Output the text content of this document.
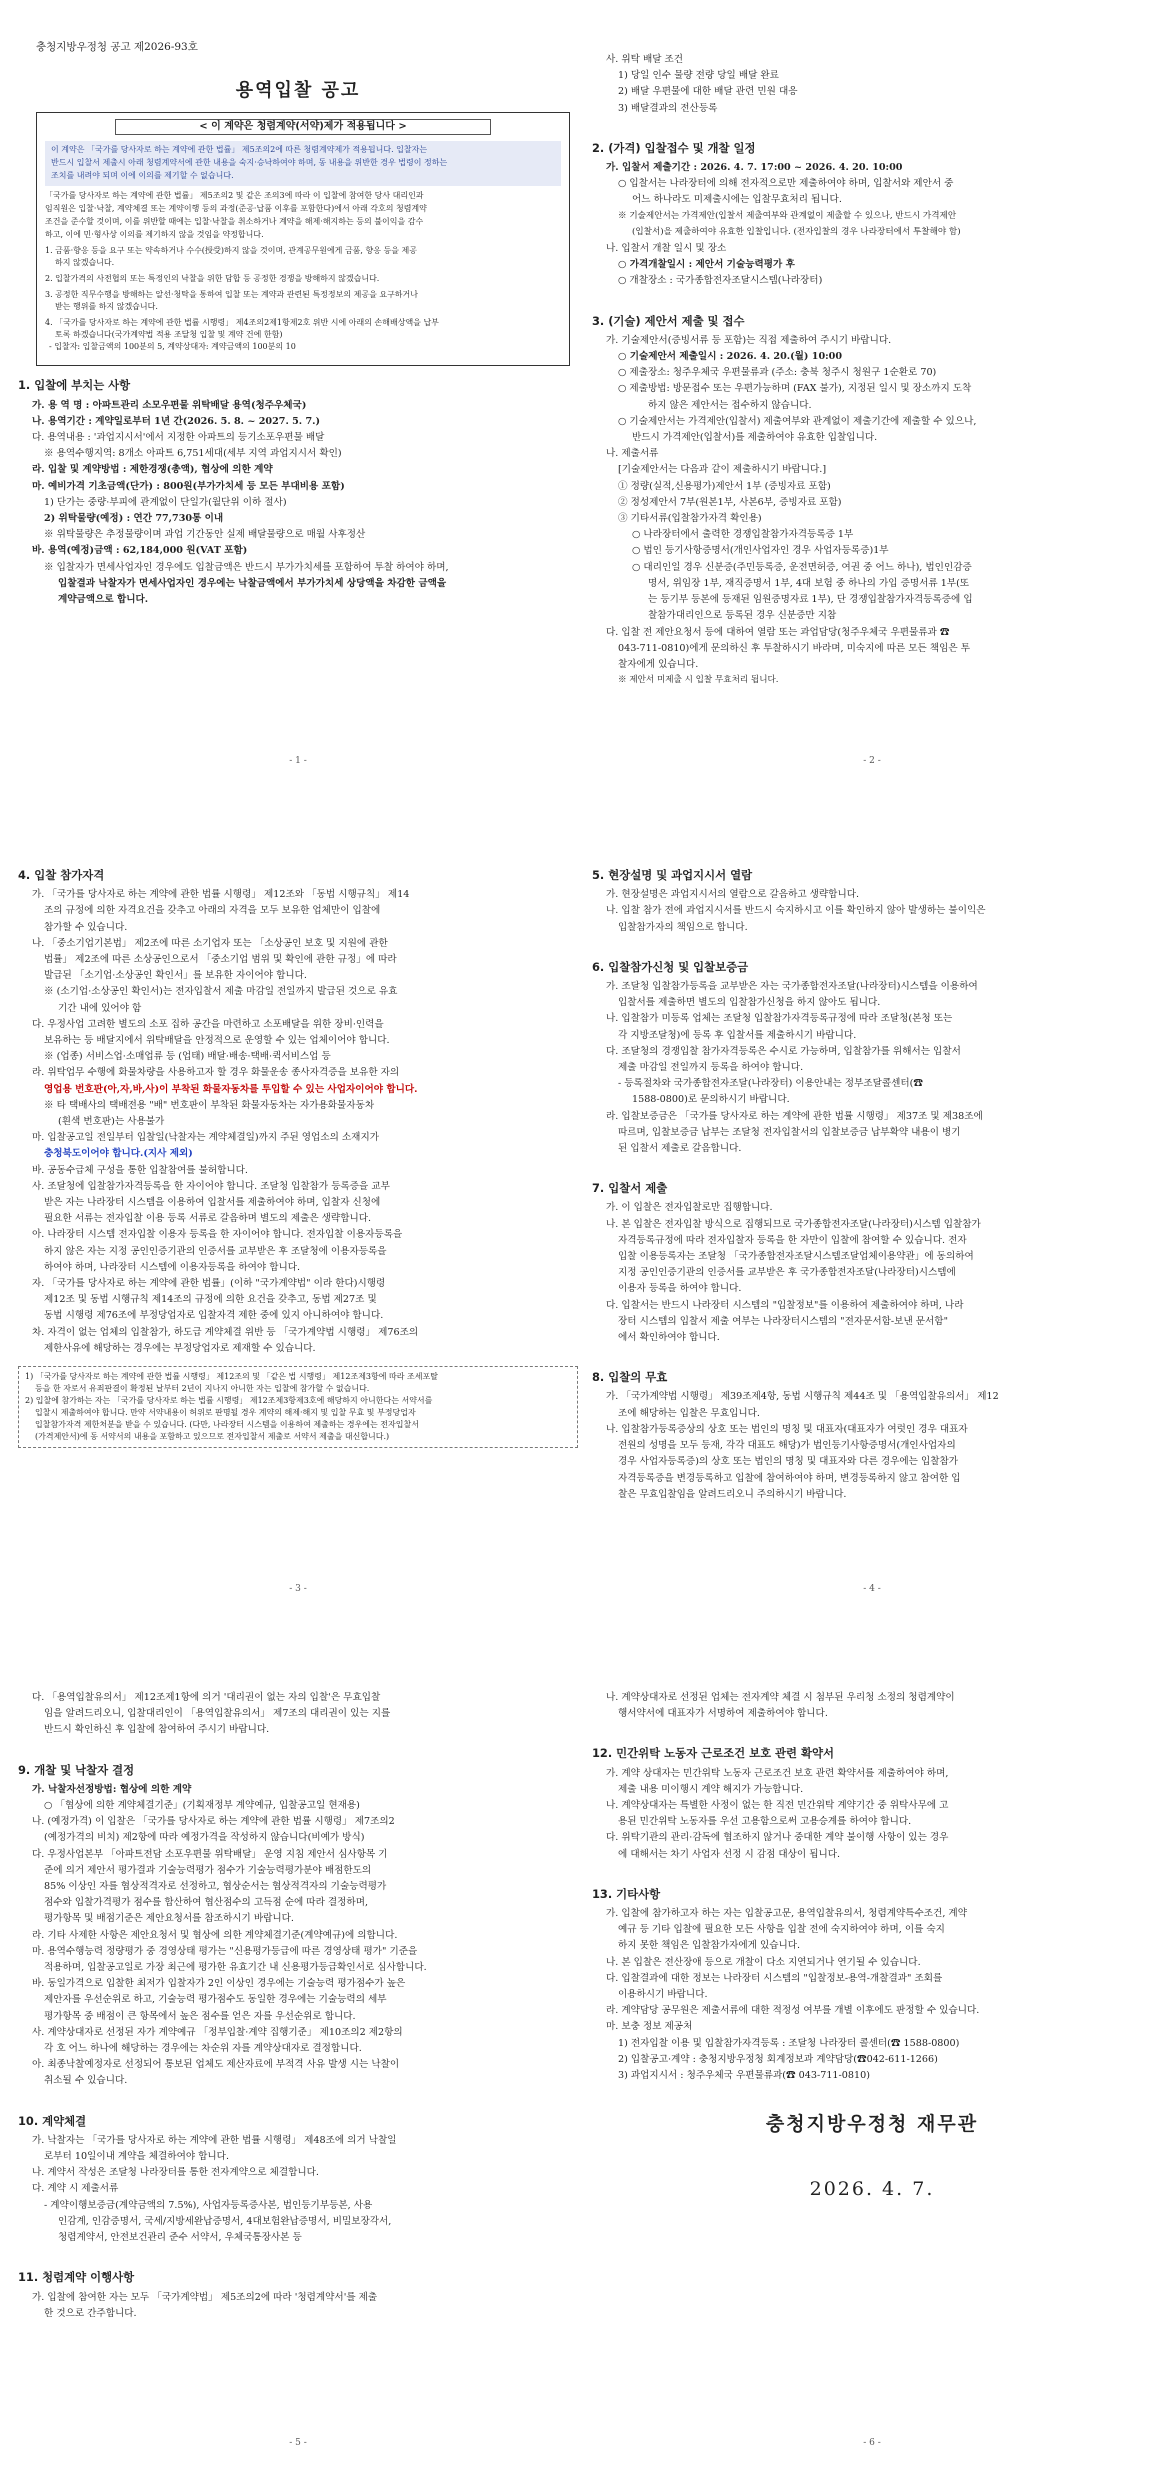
충청지방우정청 공고 제2026-93호
용역입찰 공고
< 이 계약은 청렴계약(서약)제가 적용됩니다 >
이 계약은 「국가를 당사자로 하는 계약에 관한 법률」 제5조의2에 따른 청렴계약제가 적용됩니다. 입찰자는
반드시 입찰서 제출시 아래 청렴계약서에 관한 내용을 숙지·승낙하여야 하며, 동 내용을 위반한 경우 법령이 정하는
조치를 내려야 되며 이에 이의를 제기할 수 없습니다.

「국가를 당사자로 하는 계약에 관한 법률」 제5조의2 및 같은 조의3에 따라 이 입찰에 참여한 당사 대리인과
임직원은 입찰·낙찰, 계약체결 또는 계약이행 등의 과정(준공·납품 이후를 포함한다)에서 아래 각호의 청렴계약
조건을 준수할 것이며, 이를 위반할 때에는 입찰·낙찰을 취소하거나 계약을 해제·해지하는 등의 불이익을 감수
하고, 이에 민·형사상 이의를 제기하지 않을 것임을 약정합니다.

1. 금품·향응 등을 요구 또는 약속하거나 수수(授受)하지 않을 것이며, 관계공무원에게 금품, 향응 등을 제공
하지 않겠습니다.

2. 입찰가격의 사전협의 또는 특정인의 낙찰을 위한 담합 등 공정한 경쟁을 방해하지 않겠습니다.

3. 공정한 직무수행을 방해하는 알선·청탁을 통하여 입찰 또는 계약과 관련된 특정정보의 제공을 요구하거나
받는 행위를 하지 않겠습니다.

4. 「국가를 당사자로 하는 계약에 관한 법률 시행령」 제4조의2제1항제2호 위반 시에 아래의 손해배상액을 납부
토록 하겠습니다(국가계약법 적용 조달청 입찰 및 계약 건에 한함)
- 입찰자: 입찰금액의 100분의 5, 계약상대자: 계약금액의 100분의 10

1. 입찰에 부치는 사항
가. 용 역 명 : 아파트관리 소모우편물 위탁배달 용역(청주우체국)
나. 용역기간 : 계약일로부터 1년 간(2026. 5. 8. ~ 2027. 5. 7.)
다. 용역내용 : '과업지시서'에서 지정한 아파트의 등기소포우편물 배달
※ 용역수행지역: 8개소 아파트 6,751세대(세부 지역 과업지시서 확인)
라. 입찰 및 계약방법 : 제한경쟁(총액), 협상에 의한 계약
마. 예비가격 기초금액(단가) : 800원(부가가치세 등 모든 부대비용 포함)
1) 단가는 중량·부피에 관계없이 단일가(월단위 이하 절사)
2) 위탁물량(예정) : 연간 77,730통 이내
※ 위탁물량은 추정물량이며 과업 기간동안 실제 배달물량으로 매월 사후정산
바. 용역(예정)금액 : 62,184,000 원(VAT 포함)
※ 입찰자가 면세사업자인 경우에도 입찰금액은 반드시 부가가치세를 포함하여 투찰 하여야 하며,
입찰결과 낙찰자가 면세사업자인 경우에는 낙찰금액에서 부가가치세 상당액을 차감한 금액을
계약금액으로 합니다.
- 1 -
사. 위탁 배달 조건
1) 당일 인수 물량 전량 당일 배달 완료
2) 배달 우편물에 대한 배달 관련 민원 대응
3) 배달결과의 전산등록
2. (가격) 입찰접수 및 개찰 일정
가. 입찰서 제출기간 : 2026. 4. 7. 17:00 ~ 2026. 4. 20. 10:00
○ 입찰서는 나라장터에 의해 전자적으로만 제출하여야 하며, 입찰서와 제안서 중
어느 하나라도 미제출시에는 입찰무효처리 됩니다.
※ 기술제안서는 가격제안(입찰서 제출여부와 관계없이 제출할 수 있으나, 반드시 가격제안
(입찰서)을 제출하여야 유효한 입찰입니다. (전자입찰의 경우 나라장터에서 투찰해야 함)
나. 입찰서 개찰 일시 및 장소
○ 가격개찰일시 : 제안서 기술능력평가 후
○ 개찰장소 : 국가종합전자조달시스템(나라장터)
3. (기술) 제안서 제출 및 접수
가. 기술제안서(증빙서류 등 포함)는 직접 제출하여 주시기 바랍니다.
○ 기술제안서 제출일시 : 2026. 4. 20.(월) 10:00
○ 제출장소: 청주우체국 우편물류과 (주소: 충북 청주시 청원구 1순환로 70)
○ 제출방법: 방문접수 또는 우편가능하며 (FAX 불가), 지정된 일시 및 장소까지 도착
하지 않은 제안서는 접수하지 않습니다.
○ 기술제안서는 가격제안(입찰서) 제출여부와 관계없이 제출기간에 제출할 수 있으나,
반드시 가격제안(입찰서)를 제출하여야 유효한 입찰입니다.
나. 제출서류
[기술제안서는 다음과 같이 제출하시기 바랍니다.]
① 정량(실적,신용평가)제안서 1부 (증빙자료 포함)
② 정성제안서 7부(원본1부, 사본6부, 증빙자료 포함)
③ 기타서류(입찰참가자격 확인용)
○ 나라장터에서 출력한 경쟁입찰참가자격등록증 1부
○ 법인 등기사항증명서(개인사업자인 경우 사업자등록증)1부
○ 대리인일 경우 신분증(주민등록증, 운전면허증, 여권 중 어느 하나), 법인인감증
명서, 위임장 1부, 재직증명서 1부, 4대 보험 중 하나의 가입 증명서류 1부(또
는 등기부 등본에 등재된 임원증명자료 1부), 단 경쟁입찰참가자격등록증에 입
찰참가대리인으로 등록된 경우 신분증만 지참
다. 입찰 전 제안요청서 등에 대하여 열람 또는 과업담당(청주우체국 우편물류과 ☎
043-711-0810)에게 문의하신 후 투찰하시기 바라며, 미숙지에 따른 모든 책임은 투
찰자에게 있습니다.
※ 제안서 미제출 시 입찰 무효처리 됩니다.
- 2 -
4. 입찰 참가자격
가. 「국가를 당사자로 하는 계약에 관한 법률 시행령」 제12조와 「동법 시행규칙」 제14
조의 규정에 의한 자격요건을 갖추고 아래의 자격을 모두 보유한 업체만이 입찰에
참가할 수 있습니다.
나. 「중소기업기본법」 제2조에 따른 소기업자 또는 「소상공인 보호 및 지원에 관한
법률」 제2조에 따른 소상공인으로서 「중소기업 범위 및 확인에 관한 규정」에 따라
발급된 「소기업·소상공인 확인서」를 보유한 자이어야 합니다.
※ (소기업·소상공인 확인서)는 전자입찰서 제출 마감일 전일까지 발급된 것으로 유효
기간 내에 있어야 함
다. 우정사업 고려한 별도의 소포 집하 공간을 마련하고 소포배달을 위한 장비·인력을
보유하는 등 배달지에서 위탁배달을 안정적으로 운영할 수 있는 업체이어야 합니다.
※ (업종) 서비스업·소매업류 등 (업태) 배달·배송·택배·퀵서비스업 등
라. 위탁업무 수행에 화물차량을 사용하고자 할 경우 화물운송 종사자격증을 보유한 자의
영업용 번호판(아,자,바,사)이 부착된 화물자동차를 투입할 수 있는 사업자이어야 합니다.
※ 타 택배사의 택배전용 "배" 번호판이 부착된 화물자동차는 자가용화물자동차
(흰색 번호판)는 사용불가
마. 입찰공고일 전일부터 입찰일(낙찰자는 계약체결일)까지 주된 영업소의 소재지가
충청북도이어야 합니다.(지사 제외)
바. 공동수급체 구성을 통한 입찰참여를 불허합니다.
사. 조달청에 입찰참가자격등록을 한 자이어야 합니다. 조달청 입찰참가 등록증을 교부
받은 자는 나라장터 시스템을 이용하여 입찰서를 제출하여야 하며, 입찰자 신청에
필요한 서류는 전자입찰 이용 등록 서류로 갈음하며 별도의 제출은 생략합니다.
아. 나라장터 시스템 전자입찰 이용자 등록을 한 자이어야 합니다. 전자입찰 이용자등록을
하지 않은 자는 지정 공인인증기관의 인증서를 교부받은 후 조달청에 이용자등록을
하여야 하며, 나라장터 시스템에 이용자등록을 하여야 합니다.
자. 「국가를 당사자로 하는 계약에 관한 법률」(이하 "국가계약법" 이라 한다)시행령
제12조 및 동법 시행규칙 제14조의 규정에 의한 요건을 갖추고, 동법 제27조 및
동법 시행령 제76조에 부정당업자로 입찰자격 제한 중에 있지 아니하여야 합니다.
차. 자격이 없는 업체의 입찰참가, 하도급 계약체결 위반 등 「국가계약법 시행령」 제76조의
제한사유에 해당하는 경우에는 부정당업자로 제재할 수 있습니다.

1) 「국가를 당사자로 하는 계약에 관한 법률 시행령」 제12조의 및 「같은 법 시행령」 제12조제3항에 따라 조세포탈

등을 한 자로서 유죄판결이 확정된 날부터 2년이 지나지 아니한 자는 입찰에 참가할 수 없습니다.

2) 입찰에 참가하는 자는 「국가를 당사자로 하는 법률 시행령」 제12조제3항제3호에 해당하지 아니한다는 서약서를

입찰시 제출하여야 합니다. 만약 서약내용이 허위로 판명될 경우 계약의 해제·해지 및 입찰 무효 및 부정당업자

입찰참가자격 제한처분을 받을 수 있습니다. (다만, 나라장터 시스템을 이용하여 제출하는 경우에는 전자입찰서

(가격제안서)에 동 서약서의 내용을 포함하고 있으므로 전자입찰서 제출로 서약서 제출을 대신합니다.)

- 3 -
5. 현장설명 및 과업지시서 열람
가. 현장설명은 과업지시서의 열람으로 갈음하고 생략합니다.
나. 입찰 참가 전에 과업지시서를 반드시 숙지하시고 이를 확인하지 않아 발생하는 불이익은
입찰참가자의 책임으로 합니다.
6. 입찰참가신청 및 입찰보증금
가. 조달청 입찰참가등록을 교부받은 자는 국가종합전자조달(나라장터)시스템을 이용하여
입찰서를 제출하면 별도의 입찰참가신청을 하지 않아도 됩니다.
나. 입찰참가 미등록 업체는 조달청 입찰참가자격등록규정에 따라 조달청(본청 또는
각 지방조달청)에 등록 후 입찰서를 제출하시기 바랍니다.
다. 조달청의 경쟁입찰 참가자격등록은 수시로 가능하며, 입찰참가를 위해서는 입찰서
제출 마감일 전일까지 등록을 하여야 합니다.
- 등록절차와 국가종합전자조달(나라장터) 이용안내는 정부조달콜센터(☎
1588-0800)로 문의하시기 바랍니다.
라. 입찰보증금은 「국가를 당사자로 하는 계약에 관한 법률 시행령」 제37조 및 제38조에
따르며, 입찰보증금 납부는 조달청 전자입찰서의 입찰보증금 납부확약 내용이 병기
된 입찰서 제출로 갈음합니다.
7. 입찰서 제출
가. 이 입찰은 전자입찰로만 집행합니다.
나. 본 입찰은 전자입찰 방식으로 집행되므로 국가종합전자조달(나라장터)시스템 입찰참가
자격등록규정에 따라 전자입찰자 등록을 한 자만이 입찰에 참여할 수 있습니다. 전자
입찰 이용등록자는 조달청 「국가종합전자조달시스템조달업체이용약관」에 동의하여
지정 공인인증기관의 인증서를 교부받은 후 국가종합전자조달(나라장터)시스템에
이용자 등록을 하여야 합니다.
다. 입찰서는 반드시 나라장터 시스템의 "입찰정보"를 이용하여 제출하여야 하며, 나라
장터 시스템의 입찰서 제출 여부는 나라장터시스템의 "전자문서함-보낸 문서함"
에서 확인하여야 합니다.
8. 입찰의 무효
가. 「국가계약법 시행령」 제39조제4항, 동법 시행규칙 제44조 및 「용역입찰유의서」 제12
조에 해당하는 입찰은 무효입니다.
나. 입찰참가등록증상의 상호 또는 법인의 명칭 및 대표자(대표자가 여럿인 경우 대표자
전원의 성명을 모두 등재, 각각 대표도 해당)가 법인등기사항증명서(개인사업자의
경우 사업자등록증)의 상호 또는 법인의 명칭 및 대표자와 다른 경우에는 입찰참가
자격등록증을 변경등록하고 입찰에 참여하여야 하며, 변경등록하지 않고 참여한 입
찰은 무효입찰임을 알려드리오니 주의하시기 바랍니다.
- 4 -
다. 「용역입찰유의서」 제12조제1항에 의거 '대리권이 없는 자의 입찰'은 무효입찰
임을 알려드리오니, 입찰대리인이 「용역입찰유의서」 제7조의 대리권이 있는 지를
반드시 확인하신 후 입찰에 참여하여 주시기 바랍니다.
9. 개찰 및 낙찰자 결정
가. 낙찰자선정방법: 협상에 의한 계약
○ 「협상에 의한 계약체결기준」(기획재정부 계약예규, 입찰공고일 현재용)
나. (예정가격) 이 입찰은 「국가를 당사자로 하는 계약에 관한 법률 시행령」 제7조의2
(예정가격의 비치) 제2항에 따라 예정가격을 작성하지 않습니다(비예가 방식)
다. 우정사업본부 「아파트전담 소포우편물 위탁배달」 운영 지침 제안서 심사항목 기
준에 의거 제안서 평가결과 기술능력평가 점수가 기술능력평가분야 배점한도의
85% 이상인 자를 협상적격자로 선정하고, 협상순서는 협상적격자의 기술능력평가
점수와 입찰가격평가 점수를 합산하여 협산점수의 고득점 순에 따라 결정하며,
평가항목 및 배점기준은 제안요청서를 참조하시기 바랍니다.
라. 기타 사제한 사항은 제안요청서 및 협상에 의한 계약체결기준(계약예규)에 의합니다.
마. 용역수행능력 정량평가 중 경영상태 평가는 "신용평가등급에 따른 경영상태 평가" 기준을
적용하며, 입찰공고일로 가장 최근에 평가한 유효기간 내 신용평가등급확인서로 심사합니다.
바. 동일가격으로 입찰한 최저가 입찰자가 2인 이상인 경우에는 기술능력 평가점수가 높은
제안자를 우선순위로 하고, 기술능력 평가점수도 동일한 경우에는 기술능력의 세부
평가항목 중 배점이 큰 항목에서 높은 점수를 얻은 자를 우선순위로 합니다.
사. 계약상대자로 선정된 자가 계약예규 「정부입찰·계약 집행기준」 제10조의2 제2항의
각 호 어느 하나에 해당하는 경우에는 차순위 자를 계약상대자로 결정합니다.
아. 최종낙찰예정자로 선정되어 통보된 업체도 제산자료에 부적격 사유 발생 시는 낙찰이
취소될 수 있습니다.
10. 계약체결
가. 낙찰자는 「국가를 당사자로 하는 계약에 관한 법률 시행령」 제48조에 의거 낙찰일
로부터 10일이내 계약을 체결하여야 합니다.
나. 계약서 작성은 조달청 나라장터를 통한 전자계약으로 체결합니다.
다. 계약 시 제출서류
- 계약이행보증금(계약금액의 7.5%), 사업자등록증사본, 법인등기부등본, 사용
인감계, 인감증명서, 국세/지방세완납증명서, 4대보험완납증명서, 비밀보장각서,
청렴계약서, 안전보건관리 준수 서약서, 우체국통장사본 등
11. 청렴계약 이행사항
가. 입찰에 참여한 자는 모두 「국가계약법」 제5조의2에 따라 '청렴계약서'를 제출
한 것으로 간주합니다.
- 5 -
나. 계약상대자로 선정된 업체는 전자계약 체결 시 첨부된 우리청 소정의 청렴계약이
행서약서에 대표자가 서명하여 제출하여야 합니다.
12. 민간위탁 노동자 근로조건 보호 관련 확약서
가. 계약 상대자는 민간위탁 노동자 근로조건 보호 관련 확약서를 제출하여야 하며,
제출 내용 미이행시 계약 해지가 가능합니다.
나. 계약상대자는 특별한 사정이 없는 한 직전 민간위탁 계약기간 중 위탁사무에 고
용된 민간위탁 노동자를 우선 고용함으로써 고용승계를 하여야 합니다.
다. 위탁기관의 관리·감독에 협조하지 않거나 중대한 계약 불이행 사항이 있는 경우
에 대해서는 차기 사업자 선정 시 감점 대상이 됩니다.
13. 기타사항
가. 입찰에 참가하고자 하는 자는 입찰공고문, 용역입찰유의서, 청렴계약특수조건, 계약
예규 등 기타 입찰에 필요한 모든 사항을 입찰 전에 숙지하여야 하며, 이를 숙지
하지 못한 책임은 입찰참가자에게 있습니다.
나. 본 입찰은 전산장애 등으로 개찰이 다소 지연되거나 연기될 수 있습니다.
다. 입찰결과에 대한 정보는 나라장터 시스템의 "입찰정보-용역-개찰결과" 조회를
이용하시기 바랍니다.
라. 계약담당 공무원은 제출서류에 대한 적정성 여부를 개별 이후에도 판정할 수 있습니다.
마. 보충 정보 제공처
1) 전자입찰 이용 및 입찰참가자격등록 : 조달청 나라장터 콜센터(☎ 1588-0800)
2) 입찰공고·계약 : 충청지방우정청 회계정보과 계약담당(☎042-611-1266)
3) 과업지시서 : 청주우체국 우편물류과(☎ 043-711-0810)
충청지방우정청 재무관
2026. 4. 7.
- 6 -
